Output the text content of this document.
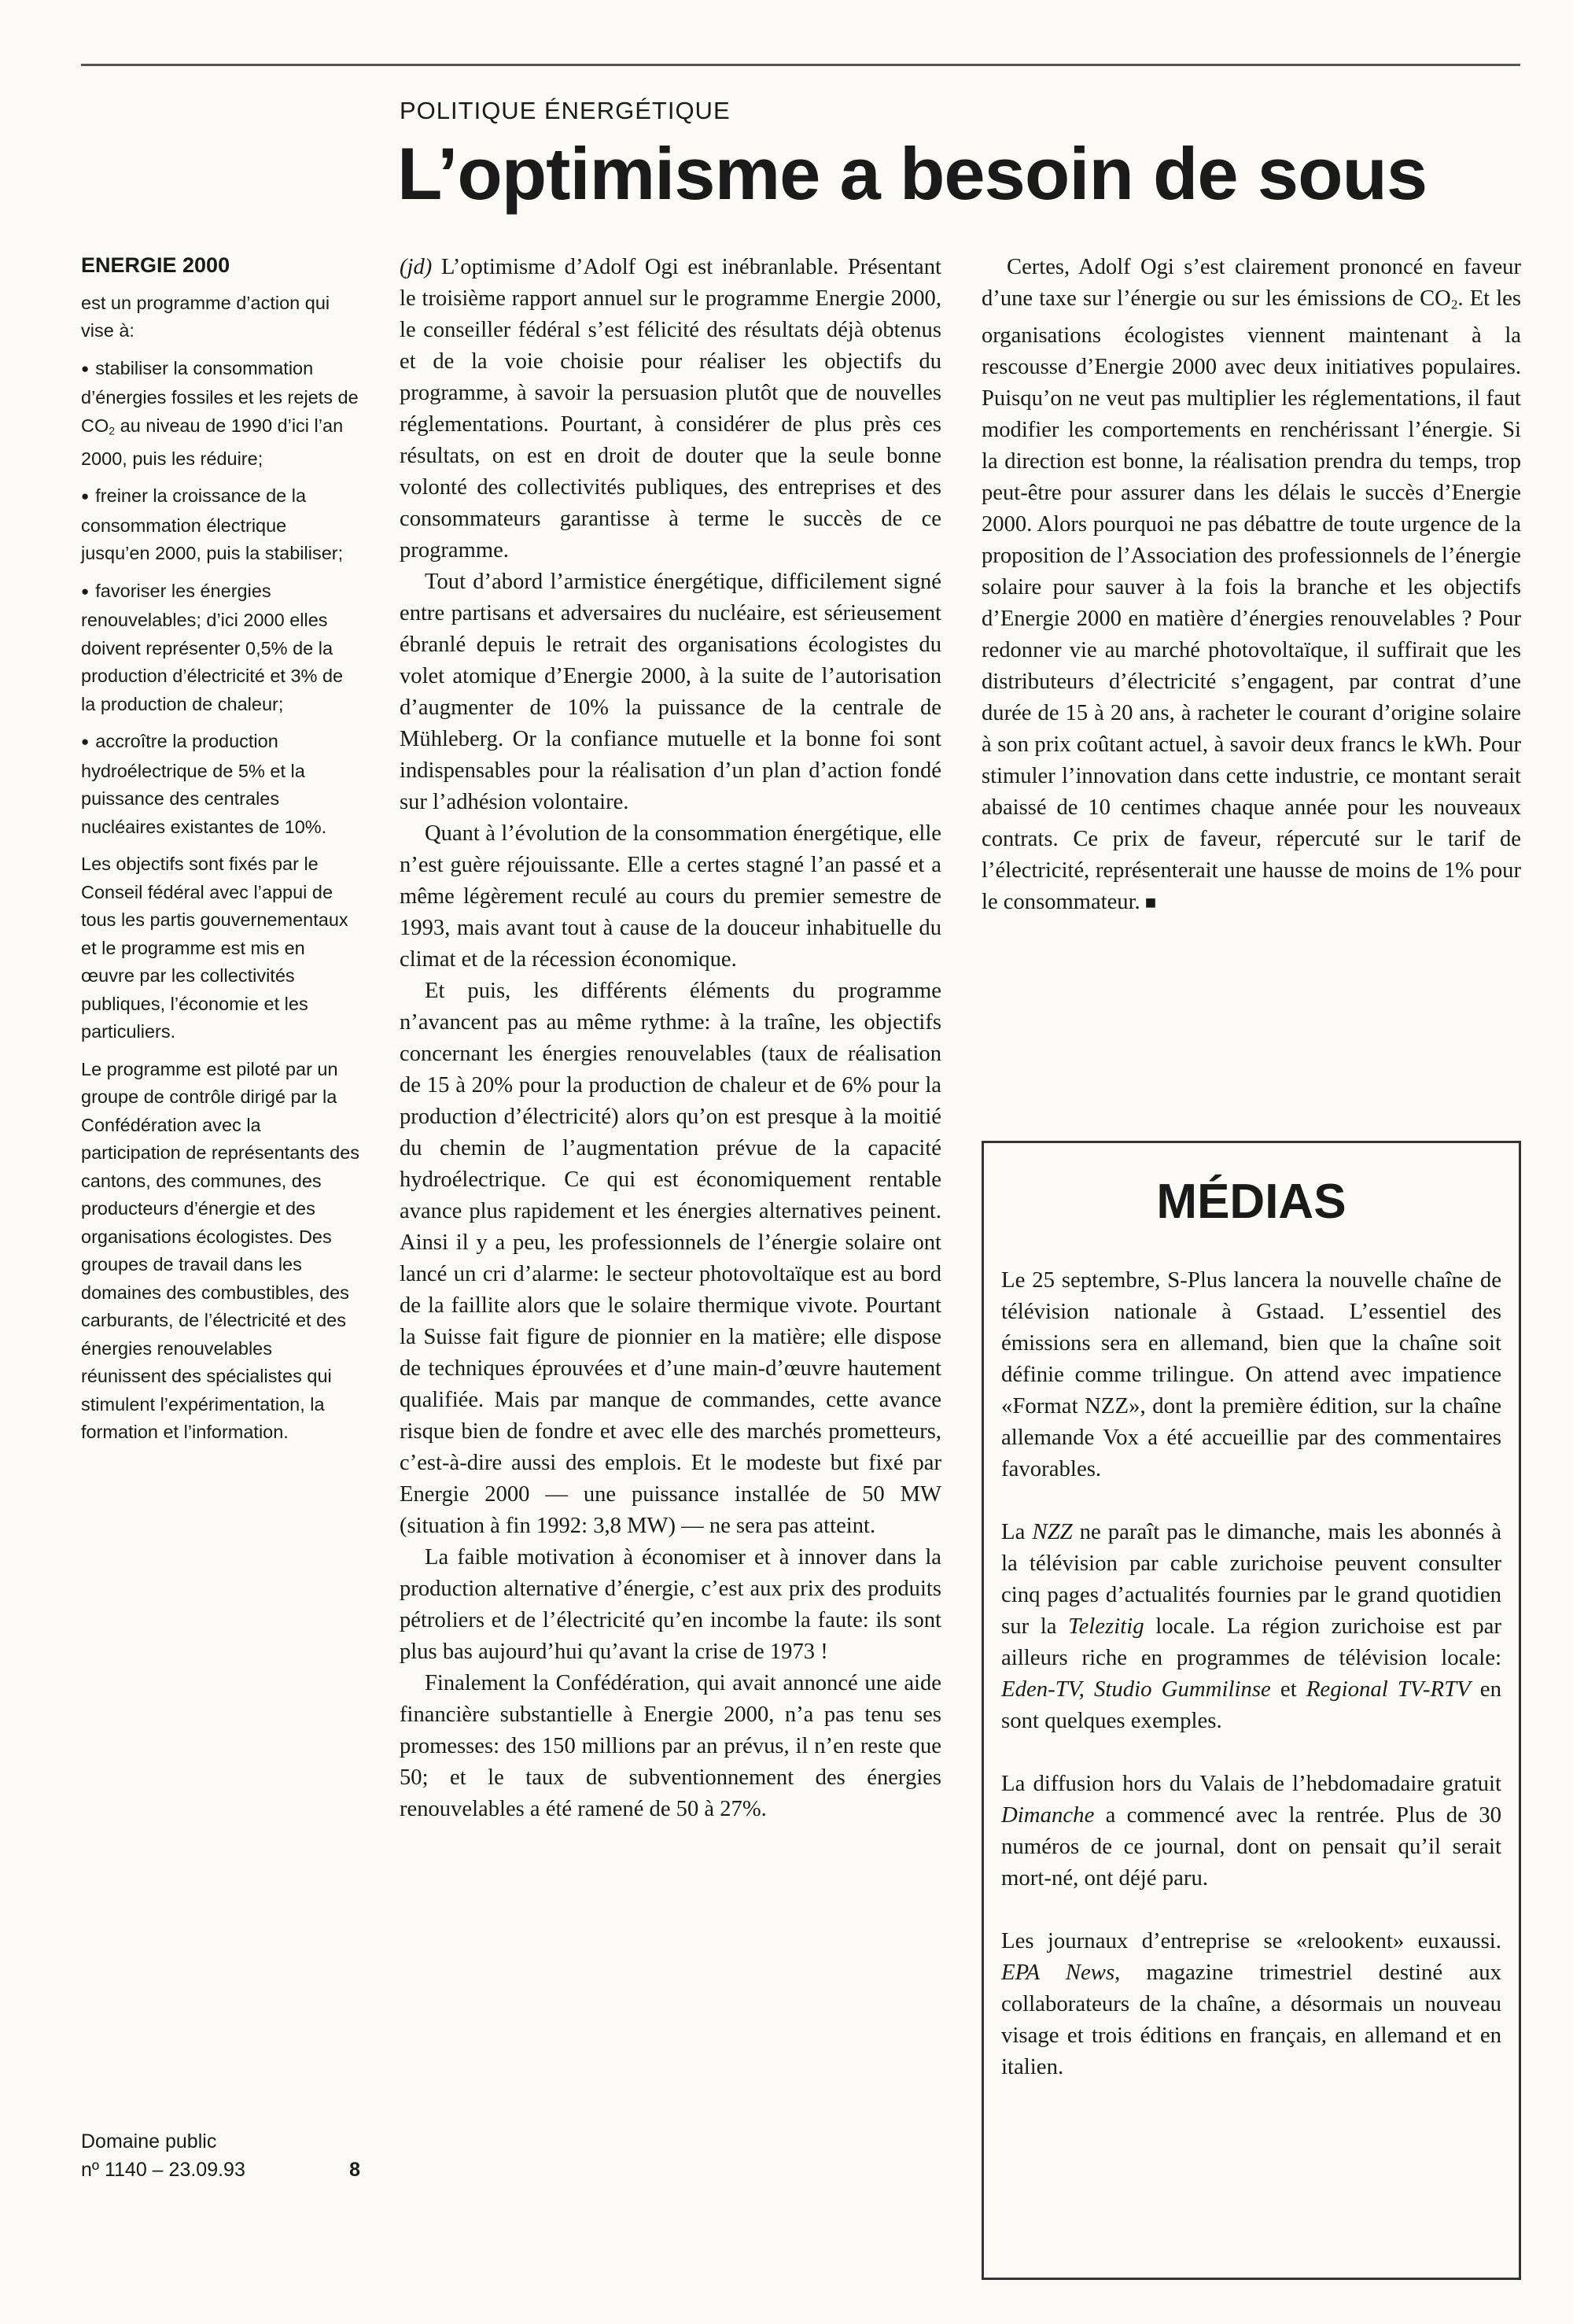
POLITIQUE ÉNERGÉTIQUE
L’optimisme a besoin de sous
ENERGIE 2000

est un programme d’action qui vise à:

● stabiliser la consommation d’énergies fossiles et les rejets de $CO_2$ au niveau de 1990 d’ici l’an 2000, puis les réduire;

● freiner la croissance de la consommation électrique jusqu’en 2000, puis la stabiliser;

● favoriser les énergies renouvelables; d’ici 2000 elles doivent représenter 0,5% de la production d’électricité et 3% de la production de chaleur;

● accroître la production hydroélectrique de 5% et la puissance des centrales nucléaires existantes de 10%.

Les objectifs sont fixés par le Conseil fédéral avec l’appui de tous les partis gouvernementaux et le programme est mis en œuvre par les collectivités publiques, l’économie et les particuliers.

Le programme est piloté par un groupe de contrôle dirigé par la Confédération avec la participation de représentants des cantons, des communes, des producteurs d’énergie et des organisations écologistes. Des groupes de travail dans les domaines des combustibles, des carburants, de l’électricité et des énergies renouvelables réunissent des spécialistes qui stimulent l’expérimentation, la formation et l’information.

Domaine public
nº 1140 – 23.09.93	8

(jd) L’optimisme d’Adolf Ogi est inébranlable. Présentant le troisième rapport annuel sur le programme Energie 2000, le conseiller fédéral s’est félicité des résultats déjà obtenus et de la voie choisie pour réaliser les objectifs du programme, à savoir la persuasion plutôt que de nouvelles réglementations. Pourtant, à considérer de plus près ces résultats, on est en droit de douter que la seule bonne volonté des collectivités publiques, des entreprises et des consommateurs garantisse à terme le succès de ce programme.

Tout d’abord l’armistice énergétique, difficilement signé entre partisans et adversaires du nucléaire, est sérieusement ébranlé depuis le retrait des organisations écologistes du volet atomique d’Energie 2000, à la suite de l’autorisation d’augmenter de 10% la puissance de la centrale de Mühleberg. Or la confiance mutuelle et la bonne foi sont indispensables pour la réalisation d’un plan d’action fondé sur l’adhésion volontaire.

Quant à l’évolution de la consommation énergétique, elle n’est guère réjouissante. Elle a certes stagné l’an passé et a même légèrement reculé au cours du premier semestre de 1993, mais avant tout à cause de la douceur inhabituelle du climat et de la récession économique.

Et puis, les différents éléments du programme n’avancent pas au même rythme: à la traîne, les objectifs concernant les énergies renouvelables (taux de réalisation de 15 à 20% pour la production de chaleur et de 6% pour la production d’électricité) alors qu’on est presque à la moitié du chemin de l’augmentation prévue de la capacité hydroélectrique. Ce qui est économiquement rentable avance plus rapidement et les énergies alternatives peinent. Ainsi il y a peu, les professionnels de l’énergie solaire ont lancé un cri d’alarme: le secteur photovoltaïque est au bord de la faillite alors que le solaire thermique vivote. Pourtant la Suisse fait figure de pionnier en la matière; elle dispose de techniques éprouvées et d’une main-d’œuvre hautement qualifiée. Mais par manque de commandes, cette avance risque bien de fondre et avec elle des marchés prometteurs, c’est-à-dire aussi des emplois. Et le modeste but fixé par Energie 2000 — une puissance installée de 50 MW (situation à fin 1992: 3,8 MW) — ne sera pas atteint.

La faible motivation à économiser et à innover dans la production alternative d’énergie, c’est aux prix des produits pétroliers et de l’électricité qu’en incombe la faute: ils sont plus bas aujourd’hui qu’avant la crise de 1973 !

Finalement la Confédération, qui avait annoncé une aide financière substantielle à Energie 2000, n’a pas tenu ses promesses: des 150 millions par an prévus, il n’en reste que 50; et le taux de subventionnement des énergies renouvelables a été ramené de 50 à 27%.

Certes, Adolf Ogi s’est clairement prononcé en faveur d’une taxe sur l’énergie ou sur les émissions de $CO_2$. Et les organisations écologistes viennent maintenant à la rescousse d’Energie 2000 avec deux initiatives populaires. Puisqu’on ne veut pas multiplier les réglementations, il faut modifier les comportements en renchérissant l’énergie. Si la direction est bonne, la réalisation prendra du temps, trop peut-être pour assurer dans les délais le succès d’Energie 2000. Alors pourquoi ne pas débattre de toute urgence de la proposition de l’Association des professionnels de l’énergie solaire pour sauver à la fois la branche et les objectifs d’Energie 2000 en matière d’énergies renouvelables ? Pour redonner vie au marché photovoltaïque, il suffirait que les distributeurs d’électricité s’engagent, par contrat d’une durée de 15 à 20 ans, à racheter le courant d’origine solaire à son prix coûtant actuel, à savoir deux francs le kWh. Pour stimuler l’innovation dans cette industrie, ce montant serait abaissé de 10 centimes chaque année pour les nouveaux contrats. Ce prix de faveur, répercuté sur le tarif de l’électricité, représenterait une hausse de moins de 1% pour le consommateur. ■

MÉDIAS

Le 25 septembre, S-Plus lancera la nouvelle chaîne de télévision nationale à Gstaad. L’essentiel des émissions sera en allemand, bien que la chaîne soit définie comme trilingue. On attend avec impatience «Format NZZ», dont la première édition, sur la chaîne allemande Vox a été accueillie par des commentaires favorables.

La NZZ ne paraît pas le dimanche, mais les abonnés à la télévision par cable zurichoise peuvent consulter cinq pages d’actualités fournies par le grand quotidien sur la Telezitig locale. La région zurichoise est par ailleurs riche en programmes de télévision locale: Eden-TV, Studio Gummilinse et Regional TV-RTV en sont quelques exemples.

La diffusion hors du Valais de l’hebdomadaire gratuit Dimanche a commencé avec la rentrée. Plus de 30 numéros de ce journal, dont on pensait qu’il serait mort-né, ont déjé paru.

Les journaux d’entreprise se «relookent» euxaussi. EPA News, magazine trimestriel destiné aux collaborateurs de la chaîne, a désormais un nouveau visage et trois éditions en français, en allemand et en italien.
